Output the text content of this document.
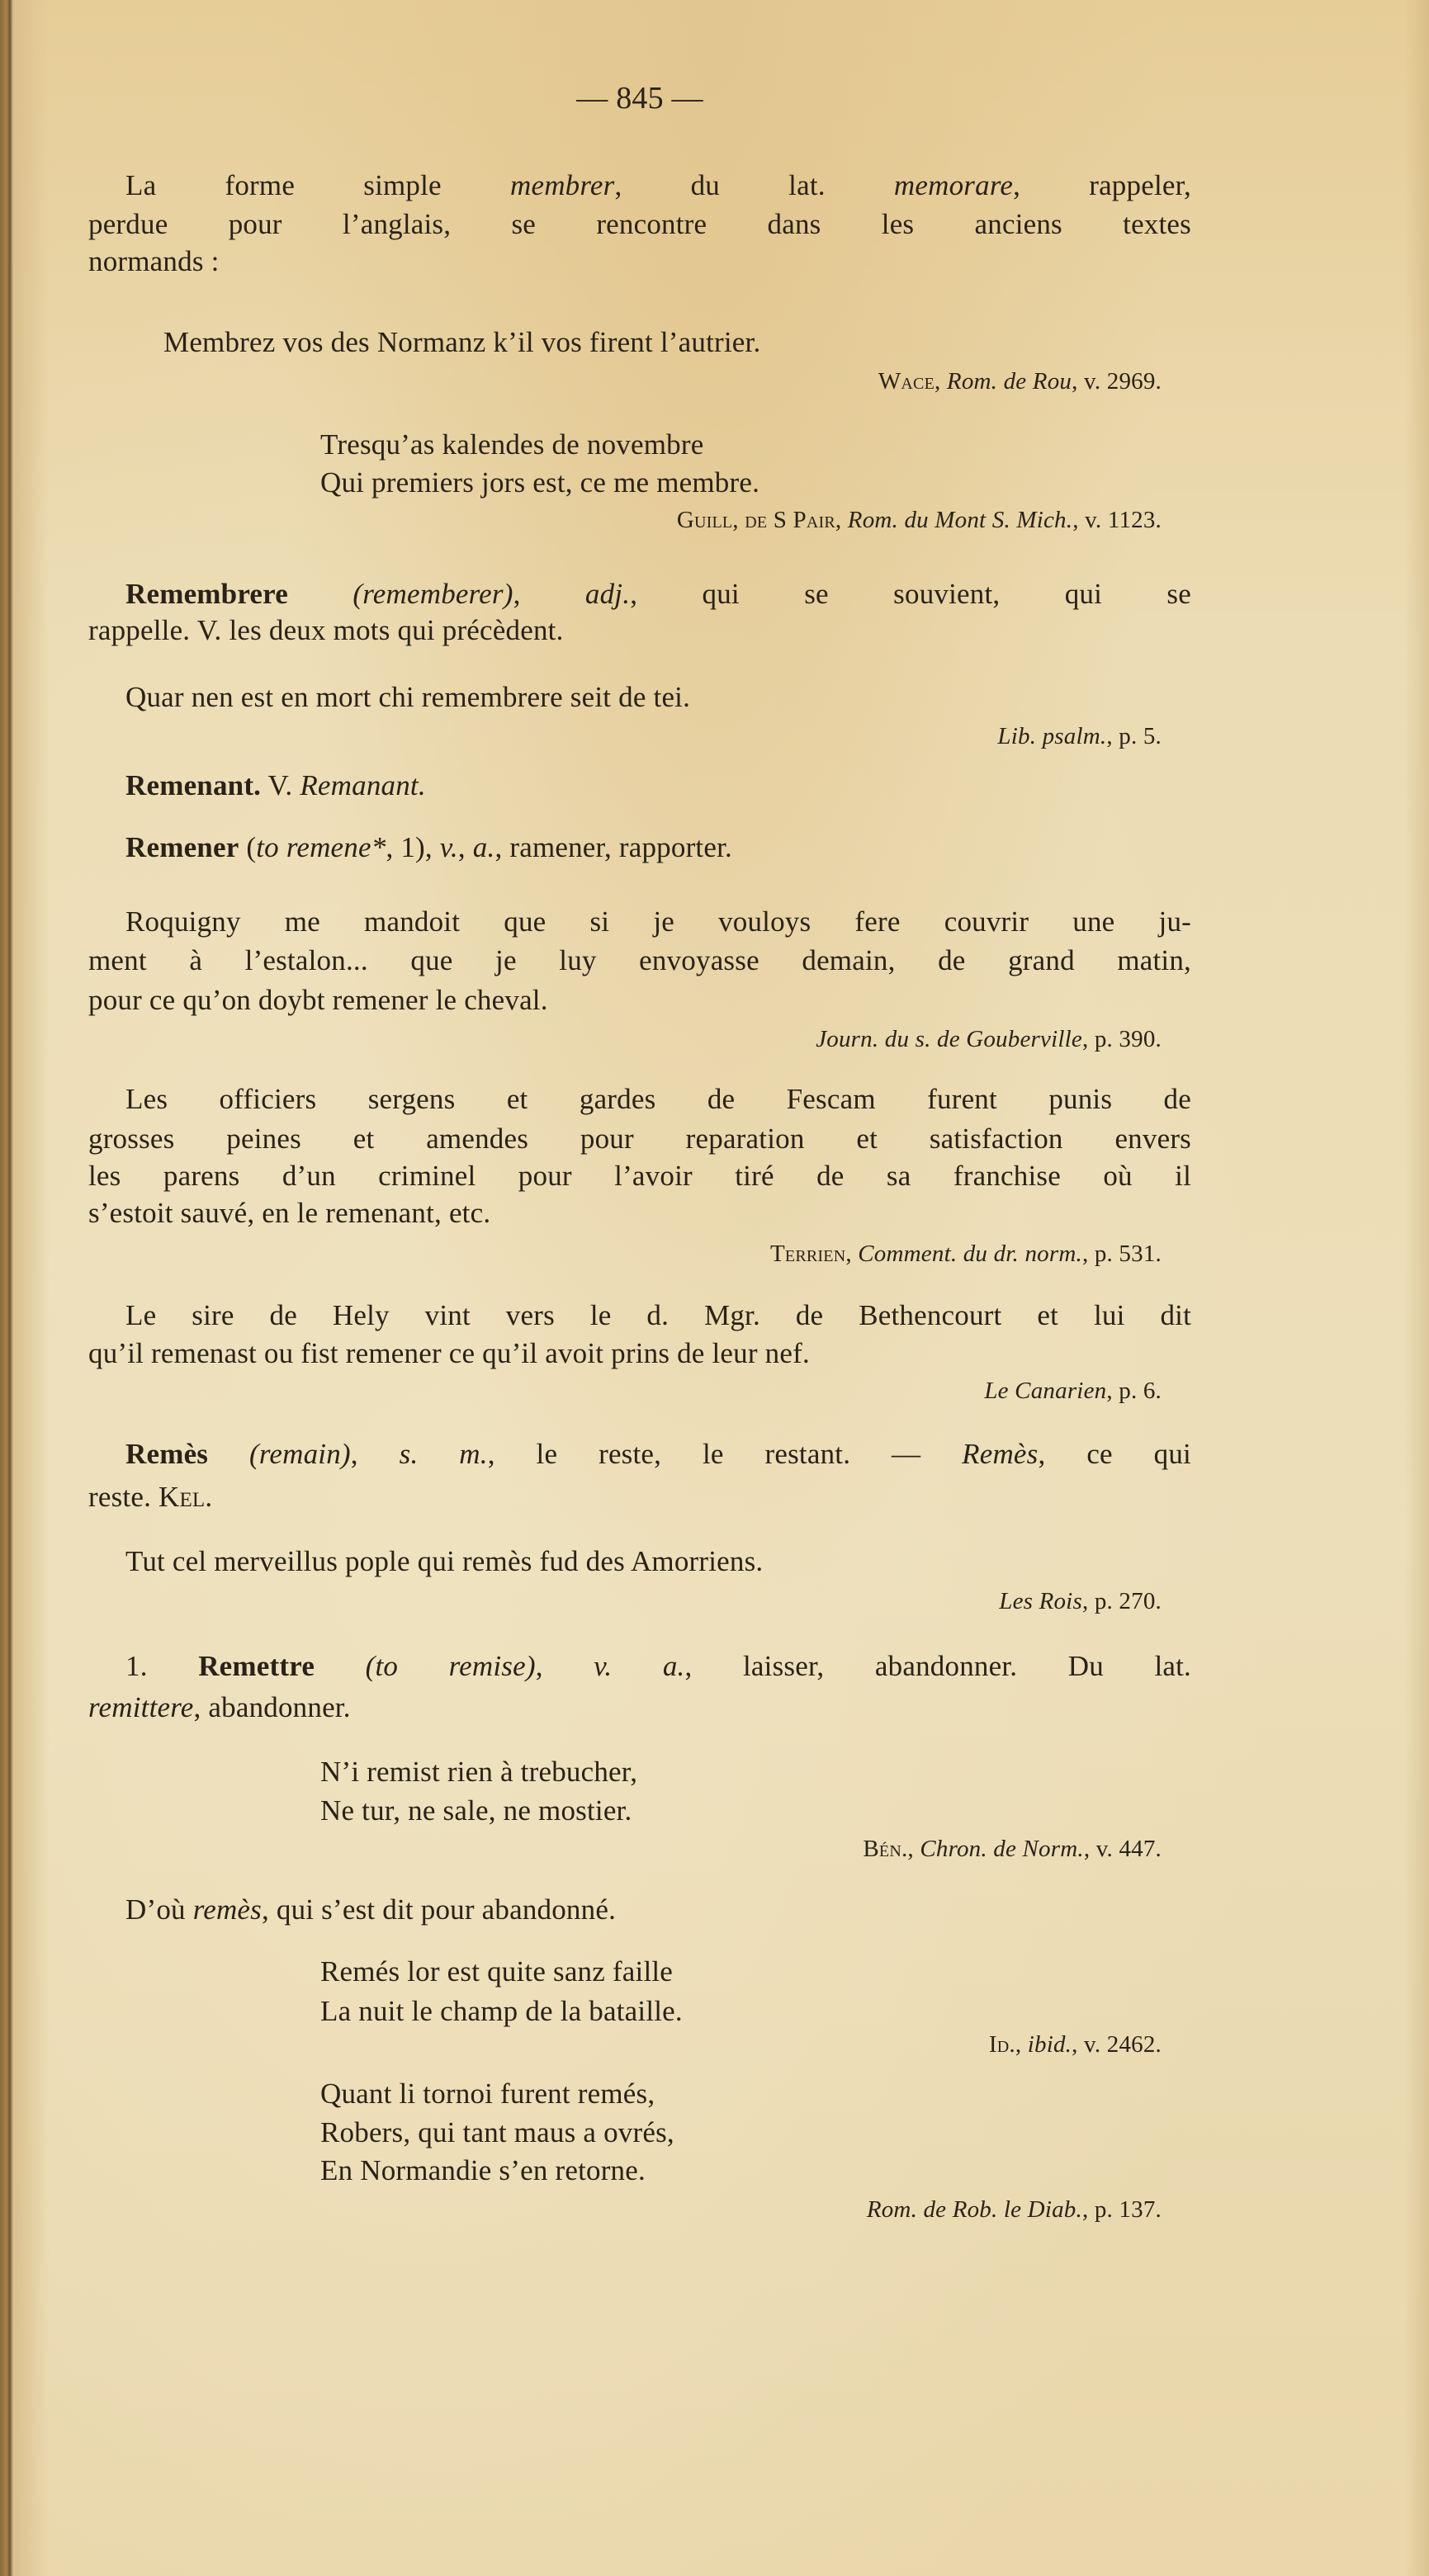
— 845 —
La forme simple membrer, du lat. memorare, rappeler,
perdue pour l’anglais, se rencontre dans les anciens textes
normands :
Membrez vos des Normanz k’il vos firent l’autrier.
Wace, Rom. de Rou, v. 2969.
Tresqu’as kalendes de novembre
Qui premiers jors est, ce me membre.
Guill, de S Pair, Rom. du Mont S. Mich., v. 1123.
Remembrere (rememberer), adj., qui se souvient, qui se
rappelle. V. les deux mots qui précèdent.
Quar nen est en mort chi remembrere seit de tei.
Lib. psalm., p. 5.
Remenant. V. Remanant.
Remener (to remene*, 1), v., a., ramener, rapporter.
Roquigny me mandoit que si je vouloys fere couvrir une ju-
ment à l’estalon... que je luy envoyasse demain, de grand matin,
pour ce qu’on doybt remener le cheval.
Journ. du s. de Gouberville, p. 390.
Les officiers sergens et gardes de Fescam furent punis de
grosses peines et amendes pour reparation et satisfaction envers
les parens d’un criminel pour l’avoir tiré de sa franchise où il
s’estoit sauvé, en le remenant, etc.
Terrien, Comment. du dr. norm., p. 531.
Le sire de Hely vint vers le d. Mgr. de Bethencourt et lui dit
qu’il remenast ou fist remener ce qu’il avoit prins de leur nef.
Le Canarien, p. 6.
Remès (remain), s. m., le reste, le restant. — Remès, ce qui
reste. Kel.
Tut cel merveillus pople qui remès fud des Amorriens.
Les Rois, p. 270.
1. Remettre (to remise), v. a., laisser, abandonner. Du lat.
remittere, abandonner.
N’i remist rien à trebucher,
Ne tur, ne sale, ne mostier.
Bén., Chron. de Norm., v. 447.
D’où remès, qui s’est dit pour abandonné.
Remés lor est quite sanz faille
La nuit le champ de la bataille.
Id., ibid., v. 2462.
Quant li tornoi furent remés,
Robers, qui tant maus a ovrés,
En Normandie s’en retorne.
Rom. de Rob. le Diab., p. 137.
